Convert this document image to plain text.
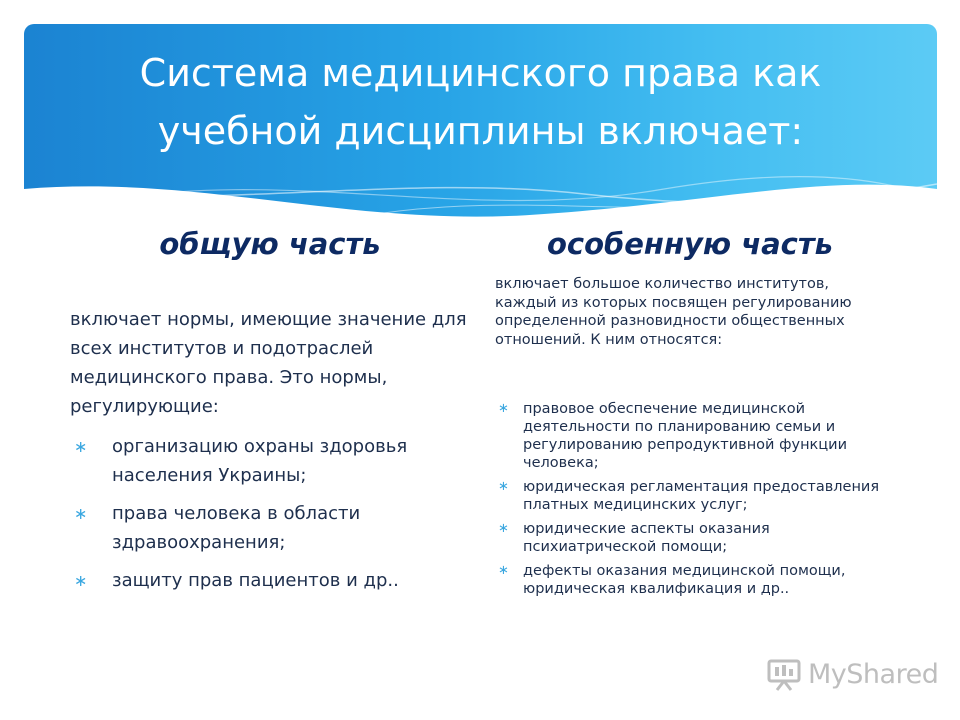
Система медицинского права как
учебной дисциплины включает:
общую часть	особенную часть

включает нормы, имеющие значение для всех институтов и подотраслей медицинского права. Это нормы, регулирующие:

∗ организацию охраны здоровья населения Украины;
∗ права человека в области здравоохранения;
∗ защиту прав пациентов и др..

включает большое количество институтов, каждый из которых посвящен регулированию определенной разновидности общественных отношений. К ним относятся:

∗ правовое обеспечение медицинской деятельности по планированию семьи и регулированию репродуктивной функции человека;
∗ юридическая регламентация предоставления платных медицинских услуг;
∗ юридические аспекты оказания психиатрической помощи;
∗ дефекты оказания медицинской помощи, юридическая квалификация и др..
MyShared
